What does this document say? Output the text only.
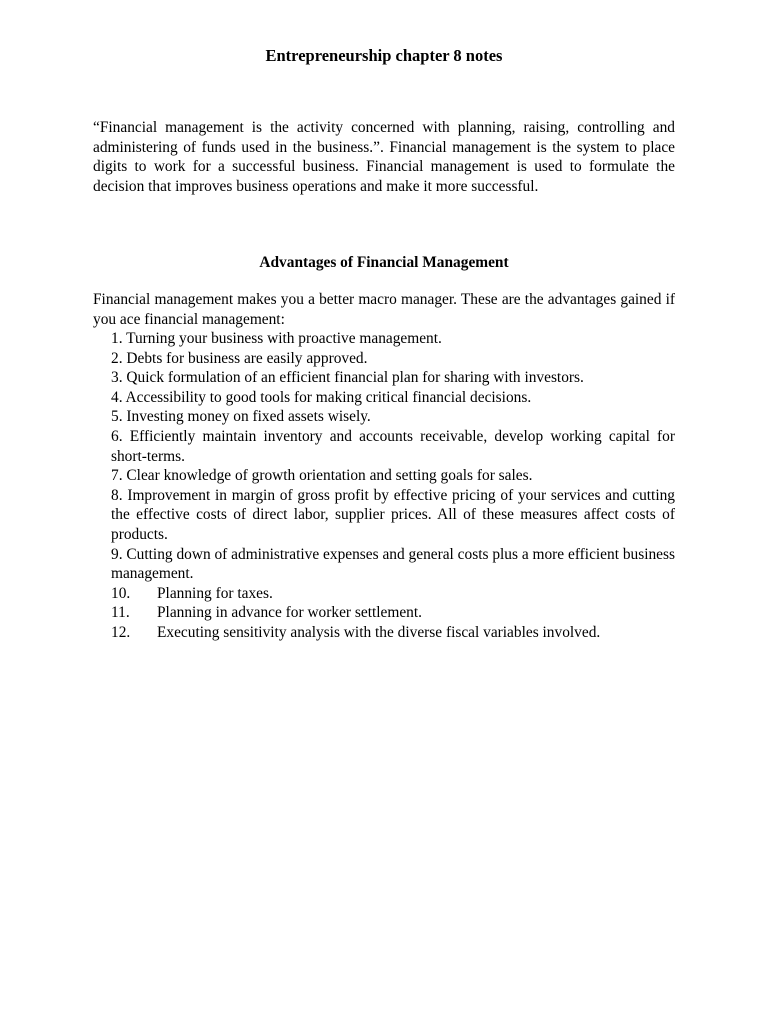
Entrepreneurship chapter 8 notes

“Financial management is the activity concerned with planning, raising, controlling and administering of funds used in the business.”. Financial management is the system to place digits to work for a successful business. Financial management is used to formulate the decision that improves business operations and make it more successful.

Advantages of Financial Management

Financial management makes you a better macro manager. These are the advantages gained if you ace financial management:

1. Turning your business with proactive management.
2. Debts for business are easily approved.
3. Quick formulation of an efficient financial plan for sharing with investors.
4. Accessibility to good tools for making critical financial decisions.
5. Investing money on fixed assets wisely.
6. Efficiently maintain inventory and accounts receivable, develop working capital for short-terms.
7. Clear knowledge of growth orientation and setting goals for sales.
8. Improvement in margin of gross profit by effective pricing of your services and cutting the effective costs of direct labor, supplier prices. All of these measures affect costs of products.
9. Cutting down of administrative expenses and general costs plus a more efficient business management.
10. Planning for taxes.
11. Planning in advance for worker settlement.
12. Executing sensitivity analysis with the diverse fiscal variables involved.
